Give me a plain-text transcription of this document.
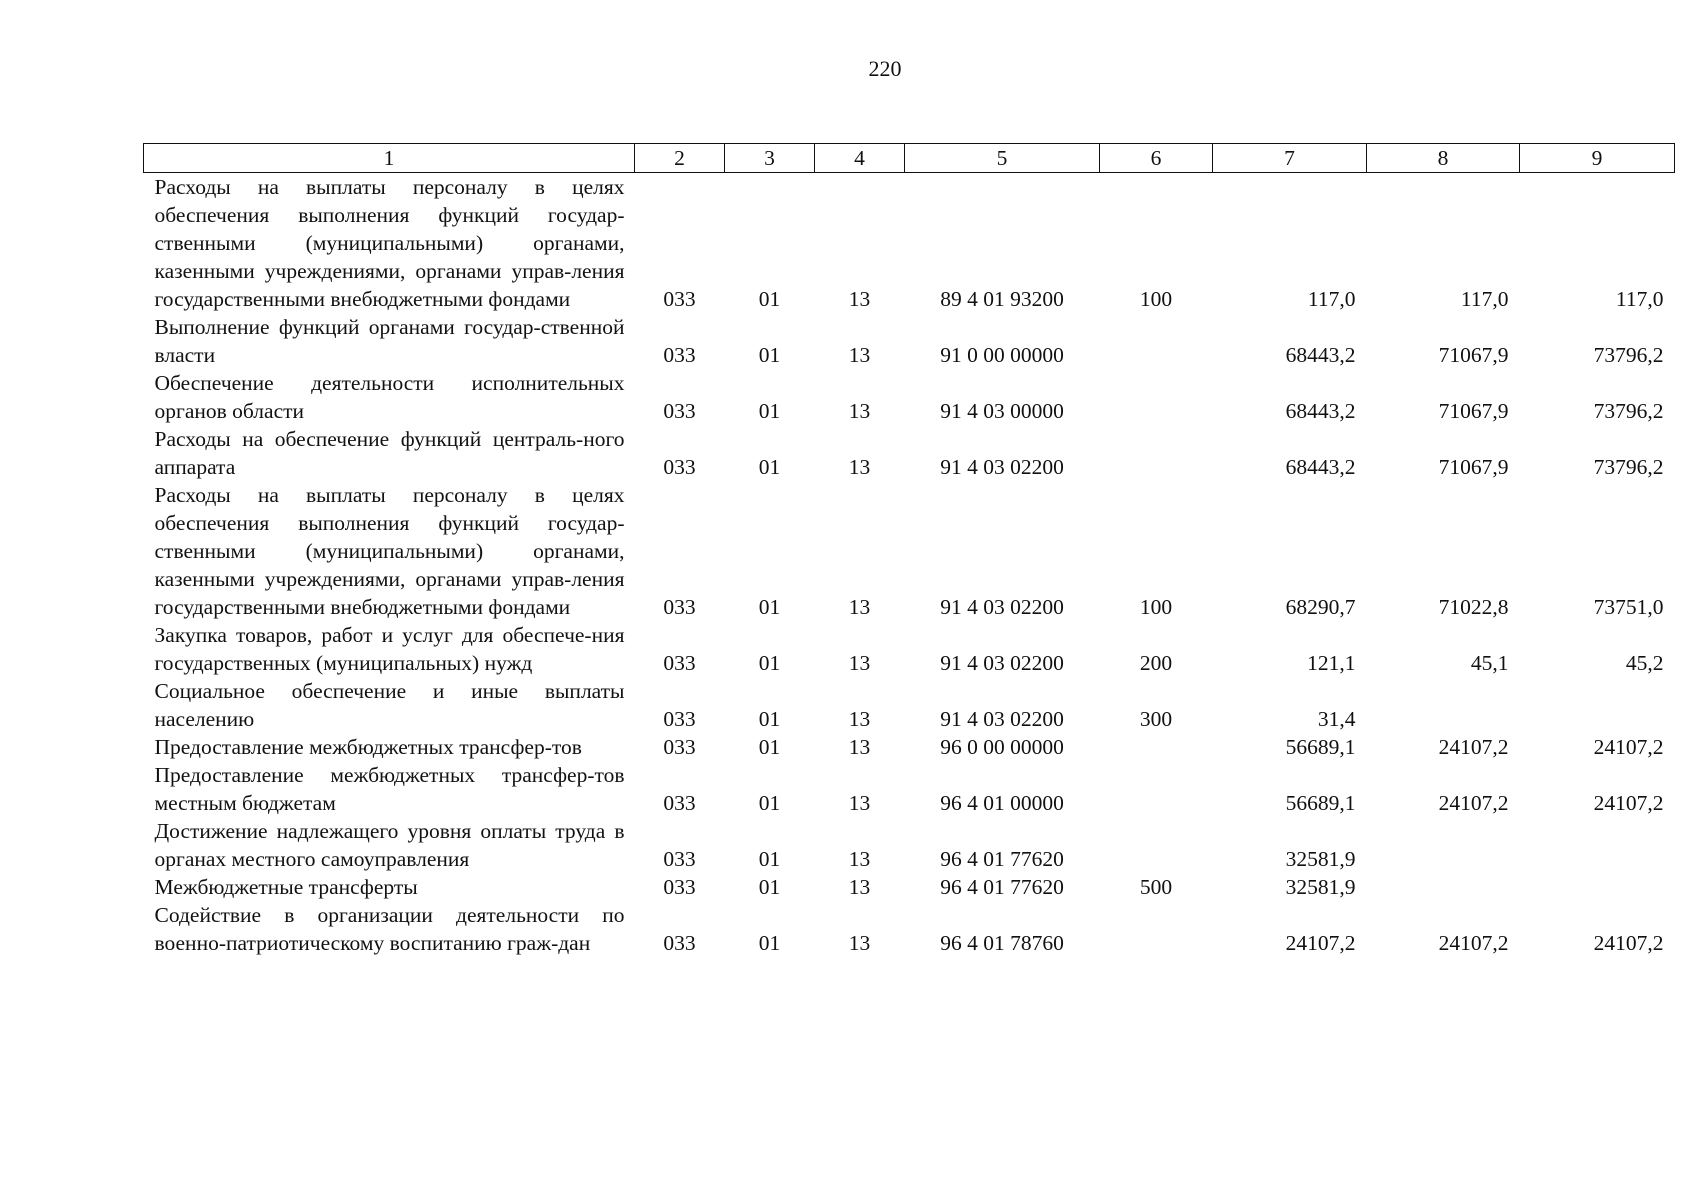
220
1	2	3	4	5	6	7	8	9
Расходы на выплаты персоналу в целях обеспечения выполнения функций государ-ственными (муниципальными) органами, казенными учреждениями, органами управ-ления государственными внебюджетными фондами	033	01	13	89 4 01 93200	100	117,0	117,0	117,0
Выполнение функций органами государ-ственной власти	033	01	13	91 0 00 00000		68443,2	71067,9	73796,2
Обеспечение деятельности исполнительных органов области	033	01	13	91 4 03 00000		68443,2	71067,9	73796,2
Расходы на обеспечение функций централь-ного аппарата	033	01	13	91 4 03 02200		68443,2	71067,9	73796,2
Расходы на выплаты персоналу в целях обеспечения выполнения функций государ-ственными (муниципальными) органами, казенными учреждениями, органами управ-ления государственными внебюджетными фондами	033	01	13	91 4 03 02200	100	68290,7	71022,8	73751,0
Закупка товаров, работ и услуг для обеспече-ния государственных (муниципальных) нужд	033	01	13	91 4 03 02200	200	121,1	45,1	45,2
Социальное обеспечение и иные выплаты населению	033	01	13	91 4 03 02200	300	31,4		
Предоставление межбюджетных трансфер-тов	033	01	13	96 0 00 00000		56689,1	24107,2	24107,2
Предоставление межбюджетных трансфер-тов местным бюджетам	033	01	13	96 4 01 00000		56689,1	24107,2	24107,2
Достижение надлежащего уровня оплаты труда в органах местного самоуправления	033	01	13	96 4 01 77620		32581,9		
Межбюджетные трансферты	033	01	13	96 4 01 77620	500	32581,9		
Содействие в организации деятельности по военно-патриотическому воспитанию граж-дан	033	01	13	96 4 01 78760		24107,2	24107,2	24107,2
